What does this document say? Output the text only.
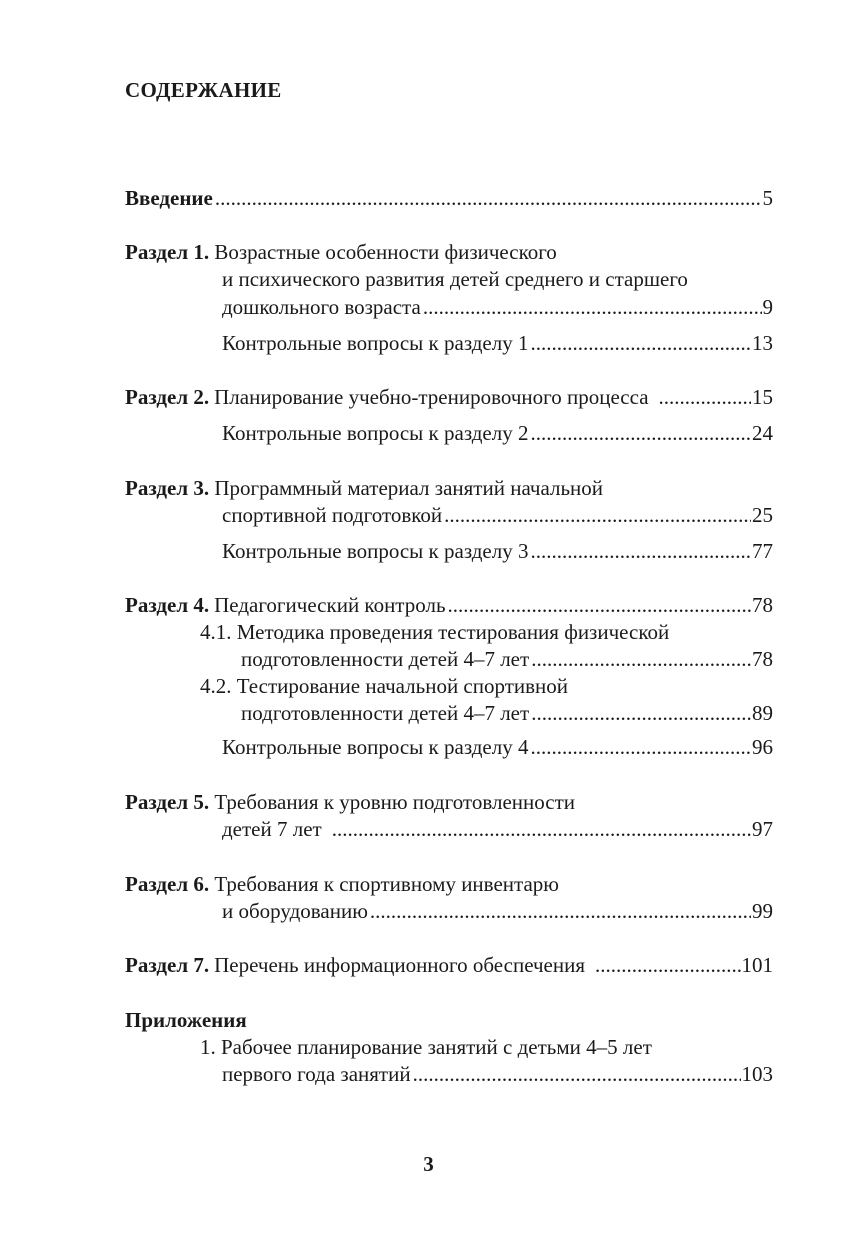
СОДЕРЖАНИЕ
Введение .....	5
Раздел 1. Возрастные особенности физического
и психического развития детей среднего и старшего
дошкольного возраста .....	9
Контрольные вопросы к разделу 1 .....	13
Раздел 2. Планирование учебно-тренировочного процесса .....	15
Контрольные вопросы к разделу 2 .....	24
Раздел 3. Программный материал занятий начальной
спортивной подготовкой .....	25
Контрольные вопросы к разделу 3 .....	77
Раздел 4. Педагогический контроль .....	78
4.1. Методика проведения тестирования физической
подготовленности детей 4–7 лет .....	78
4.2. Тестирование начальной спортивной
подготовленности детей 4–7 лет .....	89
Контрольные вопросы к разделу 4 .....	96
Раздел 5. Требования к уровню подготовленности
детей 7 лет .....	97
Раздел 6. Требования к спортивному инвентарю
и оборудованию .....	99
Раздел 7. Перечень информационного обеспечения .....	101
Приложения
1. Рабочее планирование занятий с детьми 4–5 лет
первого года занятий .....	103
3
